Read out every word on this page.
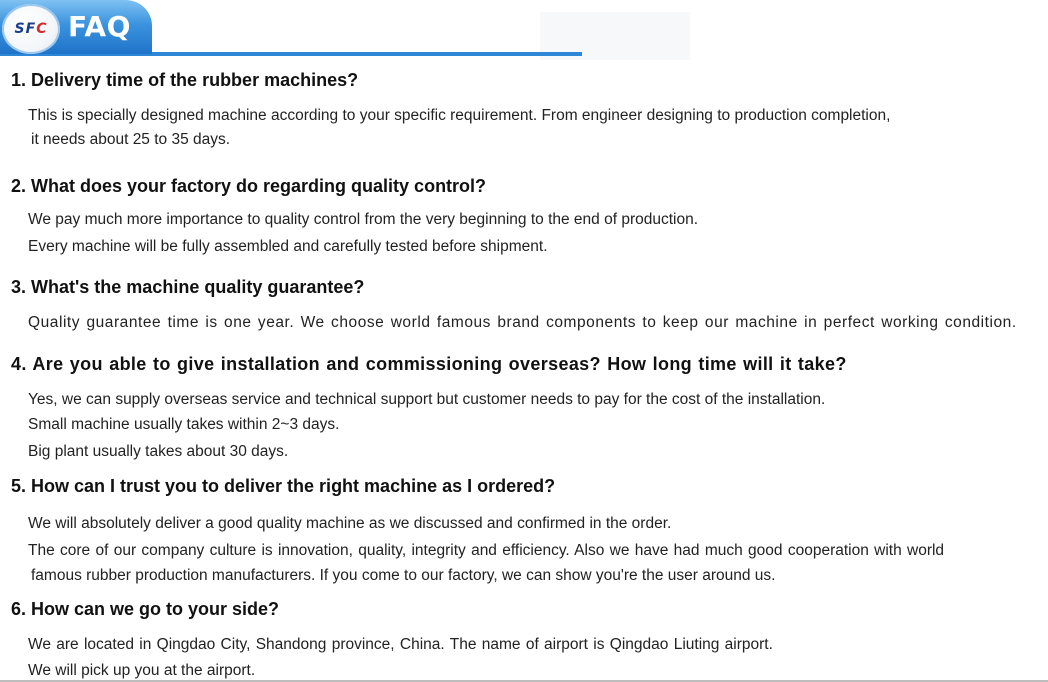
FAQ
SFC
1. Delivery time of the rubber machines?
This is specially designed machine according to your specific requirement. From engineer designing to production completion,
it needs about 25 to 35 days.
2. What does your factory do regarding quality control?
We pay much more importance to quality control from the very beginning to the end of production.
Every machine will be fully assembled and carefully tested before shipment.
3. What's the machine quality guarantee?
Quality guarantee time is one year. We choose world famous brand components to keep our machine in perfect working condition.
4. Are you able to give installation and commissioning overseas? How long time will it take?
Yes, we can supply overseas service and technical support but customer needs to pay for the cost of the installation.
Small machine usually takes within 2~3 days.
Big plant usually takes about 30 days.
5. How can I trust you to deliver the right machine as I ordered?
We will absolutely deliver a good quality machine as we discussed and confirmed in the order.
The core of our company culture is innovation, quality, integrity and efficiency. Also we have had much good cooperation with world
famous rubber production manufacturers. If you come to our factory, we can show you're the user around us.
6. How can we go to your side?
We are located in Qingdao City, Shandong province, China. The name of airport is Qingdao Liuting airport.
We will pick up you at the airport.
